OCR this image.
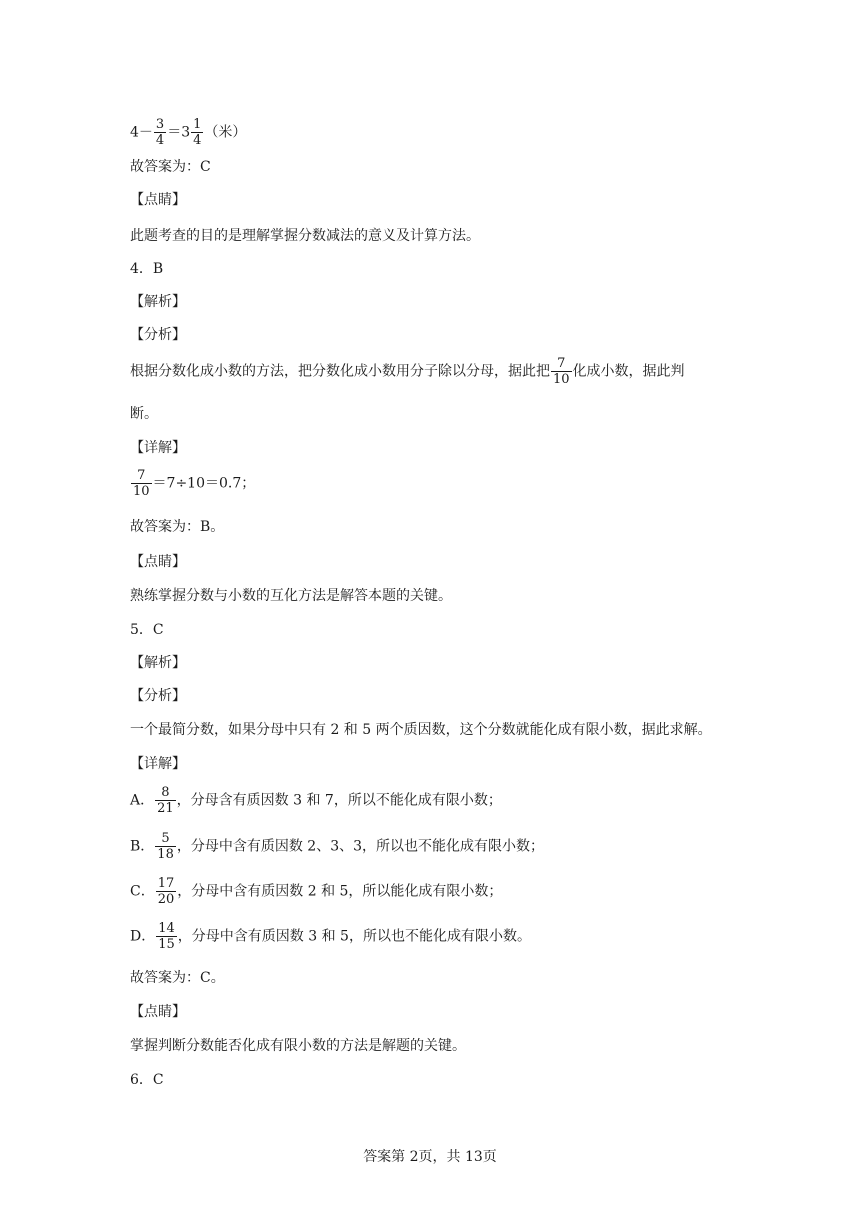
$4- \frac{3}{4} =3 \frac{1}{4}$ （米）
故答案为：C
【点睛】
此题考查的目的是理解掌握分数减法的意义及计算方法。
4．B
【解析】
【分析】
根据分数化成小数的方法，把分数化成小数用分子除以分母，据此把 $\frac{7}{10}$ 化成小数，据此判
断。
【详解】
$\frac{7}{10} =7\div 10=0.7$；
故答案为：B。
【点睛】
熟练掌握分数与小数的互化方法是解答本题的关键。
5．C
【解析】
【分析】
一个最简分数，如果分母中只有 2 和 5 两个质因数，这个分数就能化成有限小数，据此求解。
【详解】
A． $\frac{8}{21}$ ，分母含有质因数 3 和 7，所以不能化成有限小数；
B． $\frac{5}{18}$ ，分母中含有质因数 2、3、3，所以也不能化成有限小数；
C． $\frac{17}{20}$ ，分母中含有质因数 2 和 5，所以能化成有限小数；
D． $\frac{14}{15}$ ，分母中含有质因数 3 和 5，所以也不能化成有限小数。
故答案为：C。
【点睛】
掌握判断分数能否化成有限小数的方法是解题的关键。
6．C
答案第 2页，共 13页
